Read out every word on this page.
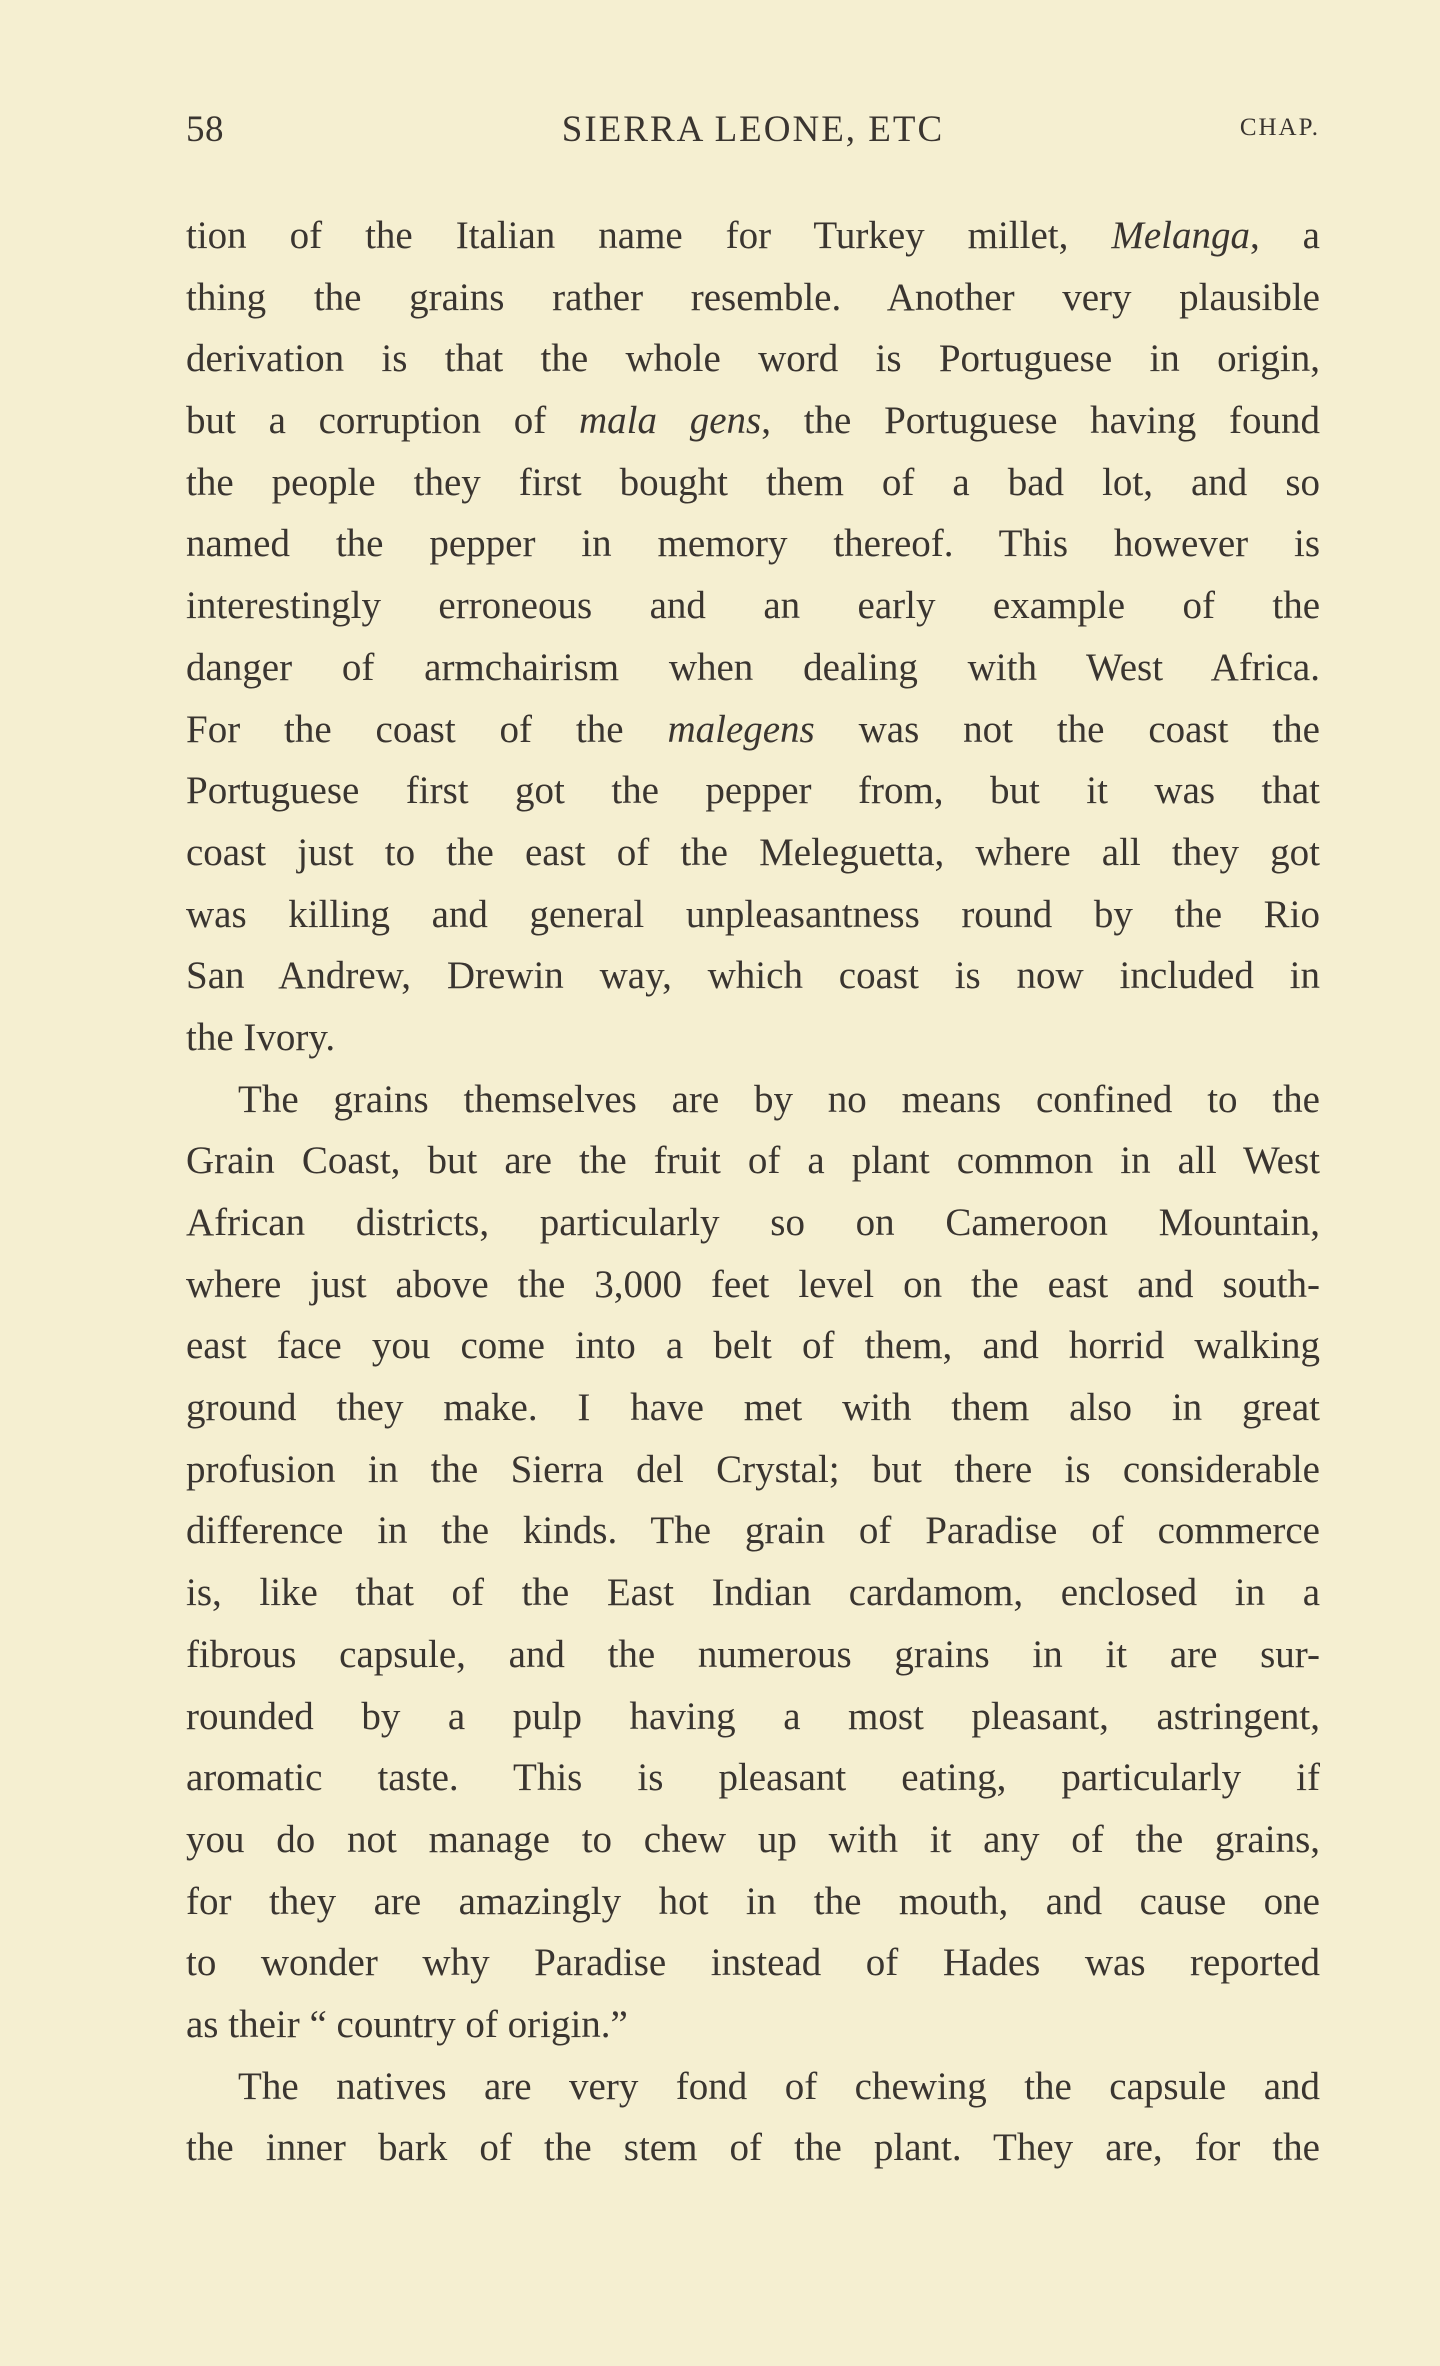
58	SIERRA LEONE, ETC	CHAP.
tion of the Italian name for Turkey millet, Melanga, a
thing the grains rather resemble. Another very plausible
derivation is that the whole word is Portuguese in origin,
but a corruption of mala gens, the Portuguese having found
the people they first bought them of a bad lot, and so
named the pepper in memory thereof. This however is
interestingly erroneous and an early example of the
danger of armchairism when dealing with West Africa.
For the coast of the malegens was not the coast the
Portuguese first got the pepper from, but it was that
coast just to the east of the Meleguetta, where all they got
was killing and general unpleasantness round by the Rio
San Andrew, Drewin way, which coast is now included in
the Ivory.
The grains themselves are by no means confined to the
Grain Coast, but are the fruit of a plant common in all West
African districts, particularly so on Cameroon Mountain,
where just above the 3,000 feet level on the east and south-
east face you come into a belt of them, and horrid walking
ground they make. I have met with them also in great
profusion in the Sierra del Crystal; but there is considerable
difference in the kinds. The grain of Paradise of commerce
is, like that of the East Indian cardamom, enclosed in a
fibrous capsule, and the numerous grains in it are sur-
rounded by a pulp having a most pleasant, astringent,
aromatic taste. This is pleasant eating, particularly if
you do not manage to chew up with it any of the grains,
for they are amazingly hot in the mouth, and cause one
to wonder why Paradise instead of Hades was reported
as their “ country of origin.”
The natives are very fond of chewing the capsule and
the inner bark of the stem of the plant. They are, for the
